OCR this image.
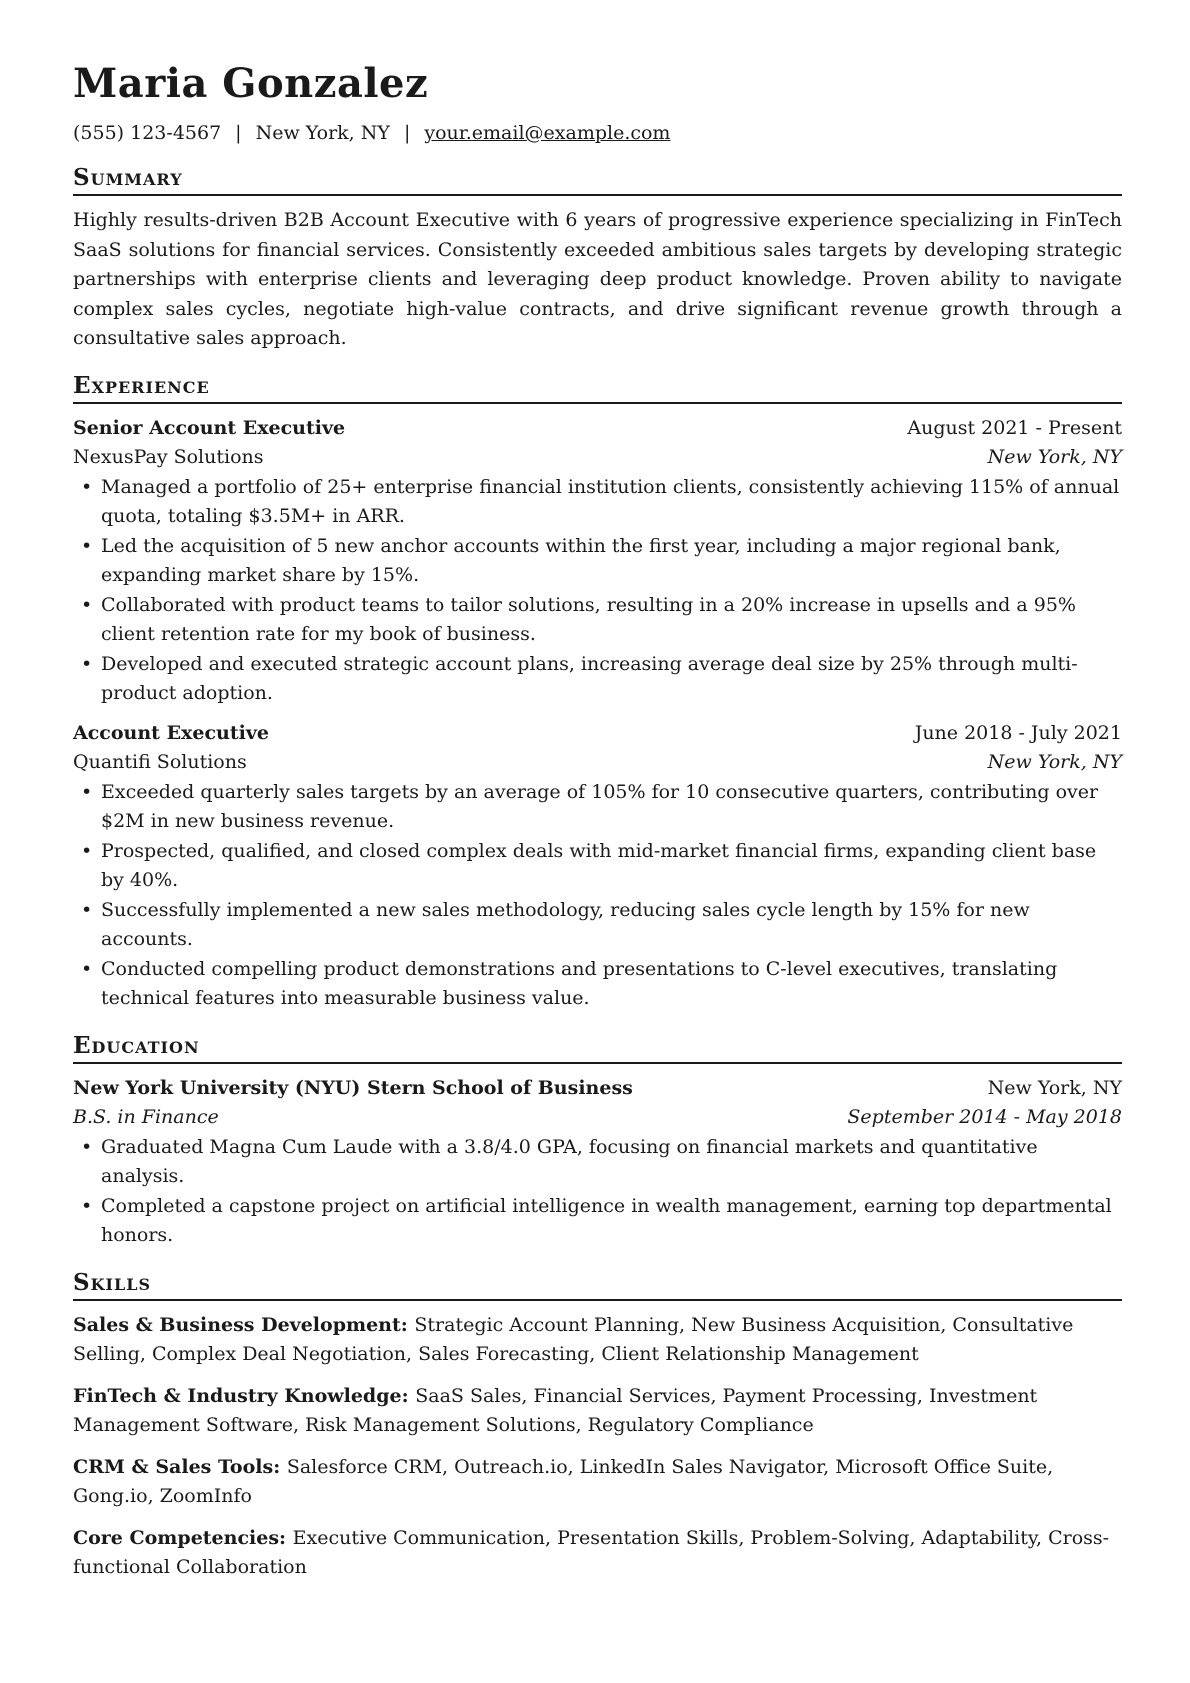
Maria Gonzalez
(555) 123-4567 | New York, NY | your.email@example.com
Summary
Highly results-driven B2B Account Executive with 6 years of progressive experience specializing in FinTech SaaS solutions for financial services. Consistently exceeded ambitious sales targets by developing strategic partnerships with enterprise clients and leveraging deep product knowledge. Proven ability to navigate complex sales cycles, negotiate high-value contracts, and drive significant revenue growth through a consultative sales approach.
Experience
Senior Account Executive	August 2021 - Present
NexusPay Solutions	New York, NY
• Managed a portfolio of 25+ enterprise financial institution clients, consistently achieving 115% of annual quota, totaling $3.5M+ in ARR.
• Led the acquisition of 5 new anchor accounts within the first year, including a major regional bank, expanding market share by 15%.
• Collaborated with product teams to tailor solutions, resulting in a 20% increase in upsells and a 95% client retention rate for my book of business.
• Developed and executed strategic account plans, increasing average deal size by 25% through multi-product adoption.
Account Executive	June 2018 - July 2021
Quantifi Solutions	New York, NY
• Exceeded quarterly sales targets by an average of 105% for 10 consecutive quarters, contributing over $2M in new business revenue.
• Prospected, qualified, and closed complex deals with mid-market financial firms, expanding client base by 40%.
• Successfully implemented a new sales methodology, reducing sales cycle length by 15% for new accounts.
• Conducted compelling product demonstrations and presentations to C-level executives, translating technical features into measurable business value.
Education
New York University (NYU) Stern School of Business	New York, NY
B.S. in Finance	September 2014 - May 2018
• Graduated Magna Cum Laude with a 3.8/4.0 GPA, focusing on financial markets and quantitative analysis.
• Completed a capstone project on artificial intelligence in wealth management, earning top departmental honors.
Skills
Sales & Business Development: Strategic Account Planning, New Business Acquisition, Consultative Selling, Complex Deal Negotiation, Sales Forecasting, Client Relationship Management
FinTech & Industry Knowledge: SaaS Sales, Financial Services, Payment Processing, Investment Management Software, Risk Management Solutions, Regulatory Compliance
CRM & Sales Tools: Salesforce CRM, Outreach.io, LinkedIn Sales Navigator, Microsoft Office Suite, Gong.io, ZoomInfo
Core Competencies: Executive Communication, Presentation Skills, Problem-Solving, Adaptability, Cross-functional Collaboration
